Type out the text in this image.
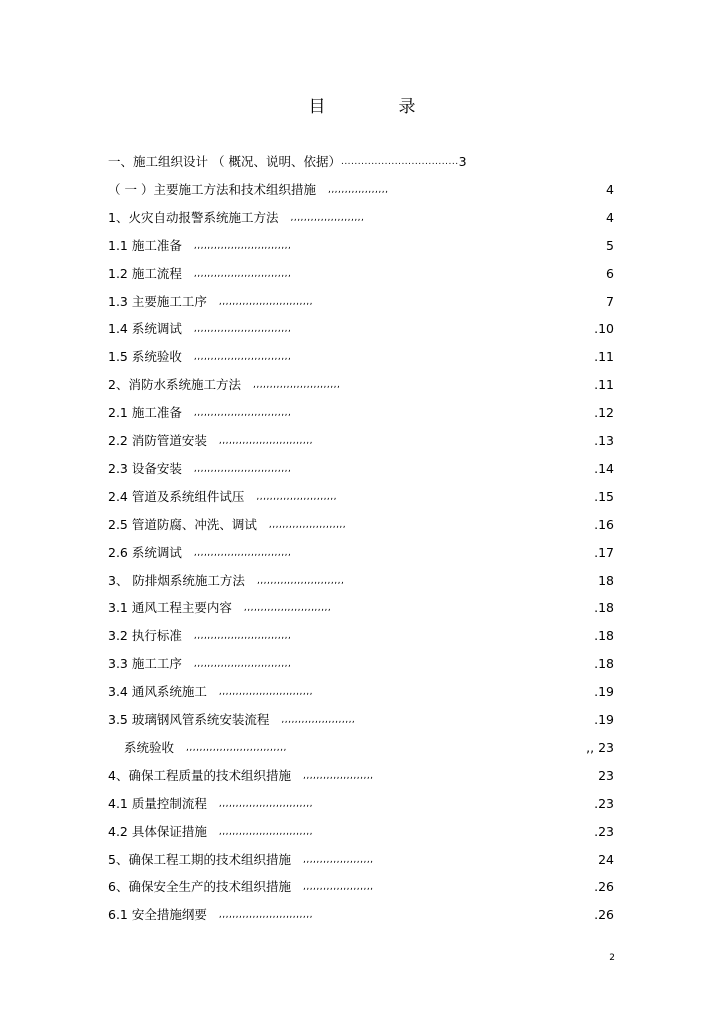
目　录
一、施工组织设计 （ 概况、说明、依据） ................................... 3
（ 一 ）主要施工方法和技术组织措施 ,,,,,,,,,,,,,,,,,,	4
1、火灾自动报警系统施工方法 ,,,,,,,,,,,,,,,,,,,,,,	4
1.1 施工准备 ,,,,,,,,,,,,,,,,,,,,,,,,,,,,,	5
1.2 施工流程 ,,,,,,,,,,,,,,,,,,,,,,,,,,,,,	6
1.3 主要施工工序 ,,,,,,,,,,,,,,,,,,,,,,,,,,,,	7
1.4 系统调试 ,,,,,,,,,,,,,,,,,,,,,,,,,,,,,	.10
1.5 系统验收 ,,,,,,,,,,,,,,,,,,,,,,,,,,,,,	.11
2、消防水系统施工方法 ,,,,,,,,,,,,,,,,,,,,,,,,,,	.11
2.1 施工准备 ,,,,,,,,,,,,,,,,,,,,,,,,,,,,,	.12
2.2 消防管道安装 ,,,,,,,,,,,,,,,,,,,,,,,,,,,,	.13
2.3 设备安装 ,,,,,,,,,,,,,,,,,,,,,,,,,,,,,	.14
2.4 管道及系统组件试压 ,,,,,,,,,,,,,,,,,,,,,,,,	.15
2.5 管道防腐、冲洗、调试 ,,,,,,,,,,,,,,,,,,,,,,,	.16
2.6 系统调试 ,,,,,,,,,,,,,,,,,,,,,,,,,,,,,	.17
3、 防排烟系统施工方法 ,,,,,,,,,,,,,,,,,,,,,,,,,,	18
3.1 通风工程主要内容 ,,,,,,,,,,,,,,,,,,,,,,,,,,	.18
3.2 执行标准 ,,,,,,,,,,,,,,,,,,,,,,,,,,,,,	.18
3.3 施工工序 ,,,,,,,,,,,,,,,,,,,,,,,,,,,,,	.18
3.4 通风系统施工 ,,,,,,,,,,,,,,,,,,,,,,,,,,,,	.19
3.5 玻璃钢风管系统安装流程 ,,,,,,,,,,,,,,,,,,,,,,	.19
系统验收 ,,,,,,,,,,,,,,,,,,,,,,,,,,,,,,	,, 23
4、确保工程质量的技术组织措施 ,,,,,,,,,,,,,,,,,,,,,	23
4.1 质量控制流程 ,,,,,,,,,,,,,,,,,,,,,,,,,,,,	.23
4.2 具体保证措施 ,,,,,,,,,,,,,,,,,,,,,,,,,,,,	.23
5、确保工程工期的技术组织措施 ,,,,,,,,,,,,,,,,,,,,,	24
6、确保安全生产的技术组织措施 ,,,,,,,,,,,,,,,,,,,,,	.26
6.1 安全措施纲要 ,,,,,,,,,,,,,,,,,,,,,,,,,,,,	.26
2
